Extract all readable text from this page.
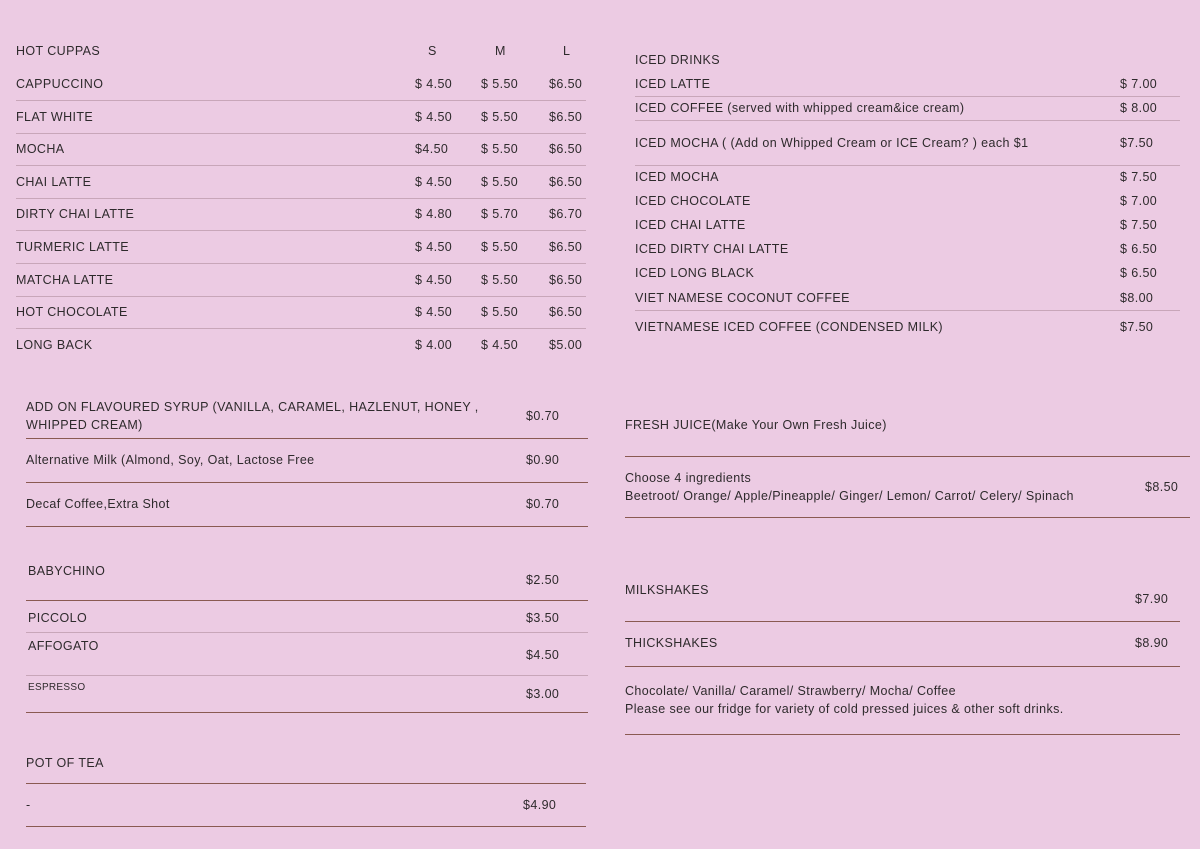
HOT CUPPAS	S	M	L
CAPPUCCINO	$ 4.50 $ 5.50 $6.50
FLAT WHITE	$ 4.50 $ 5.50 $6.50
MOCHA	$4.50	$ 5.50 $6.50
CHAI LATTE	$ 4.50 $ 5.50 $6.50
DIRTY CHAI LATTE	$ 4.80 $ 5.70 $6.70
TURMERIC LATTE	$ 4.50 $ 5.50 $6.50
MATCHA LATTE	$ 4.50 $ 5.50 $6.50
HOT CHOCOLATE	$ 4.50 $ 5.50 $6.50
LONG BACK	$ 4.00 $ 4.50 $5.00
ICED DRINKS
ICED LATTE	$ 7.00
ICED COFFEE (served with whipped cream&ice cream)	$ 8.00
ICED MOCHA ( (Add on Whipped Cream or ICE Cream? ) each $1	$7.50
ICED MOCHA	$ 7.50
ICED CHOCOLATE	$ 7.00
ICED CHAI LATTE	$ 7.50
ICED DIRTY CHAI LATTE	$ 6.50
ICED LONG BLACK	$ 6.50
VIET NAMESE COCONUT COFFEE	$8.00
VIETNAMESE ICED COFFEE (CONDENSED MILK)	$7.50
ADD ON FLAVOURED SYRUP (VANILLA, CARAMEL, HAZLENUT, HONEY ,
WHIPPED CREAM)
$0.70
Alternative Milk (Almond, Soy, Oat, Lactose Free	$0.90
Decaf Coffee,Extra Shot	$0.70
BABYCHINO
$2.50
PICCOLO	$3.50
AFFOGATO
$4.50
ESPRESSO	$3.00
POT OF TEA
-	$4.90
FRESH JUICE(Make Your Own Fresh Juice)
Choose 4 ingredients
Beetroot/ Orange/ Apple/Pineapple/ Ginger/ Lemon/ Carrot/ Celery/ Spinach
$8.50
MILKSHAKES
$7.90
THICKSHAKES	$8.90
Chocolate/ Vanilla/ Caramel/ Strawberry/ Mocha/ Coffee
Please see our fridge for variety of cold pressed juices & other soft drinks.
